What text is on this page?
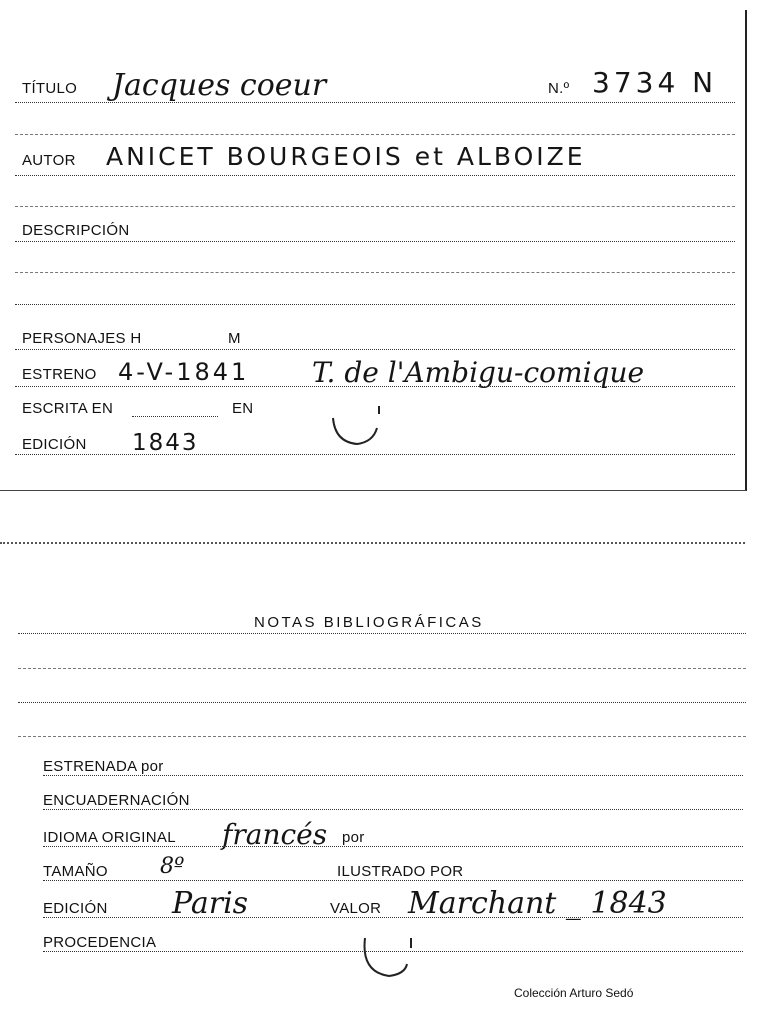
TÍTULO Jacques coeur	N.º 3734 N
AUTOR ANICET BOURGEOIS et ALBOIZE
DESCRIPCIÓN
PERSONAJES H	M
ESTRENO 4-V-1841 T. de l'Ambigu-comique
ESCRITA EN	EN
EDICIÓN 1843
NOTAS BIBLIOGRÁFICAS
ESTRENADA por
ENCUADERNACIÓN
IDIOMA ORIGINAL francés por
TAMAÑO 8º	ILUSTRADO POR
EDICIÓN Paris	VALOR Marchant _ 1843
PROCEDENCIA
Colección Arturo Sedó
